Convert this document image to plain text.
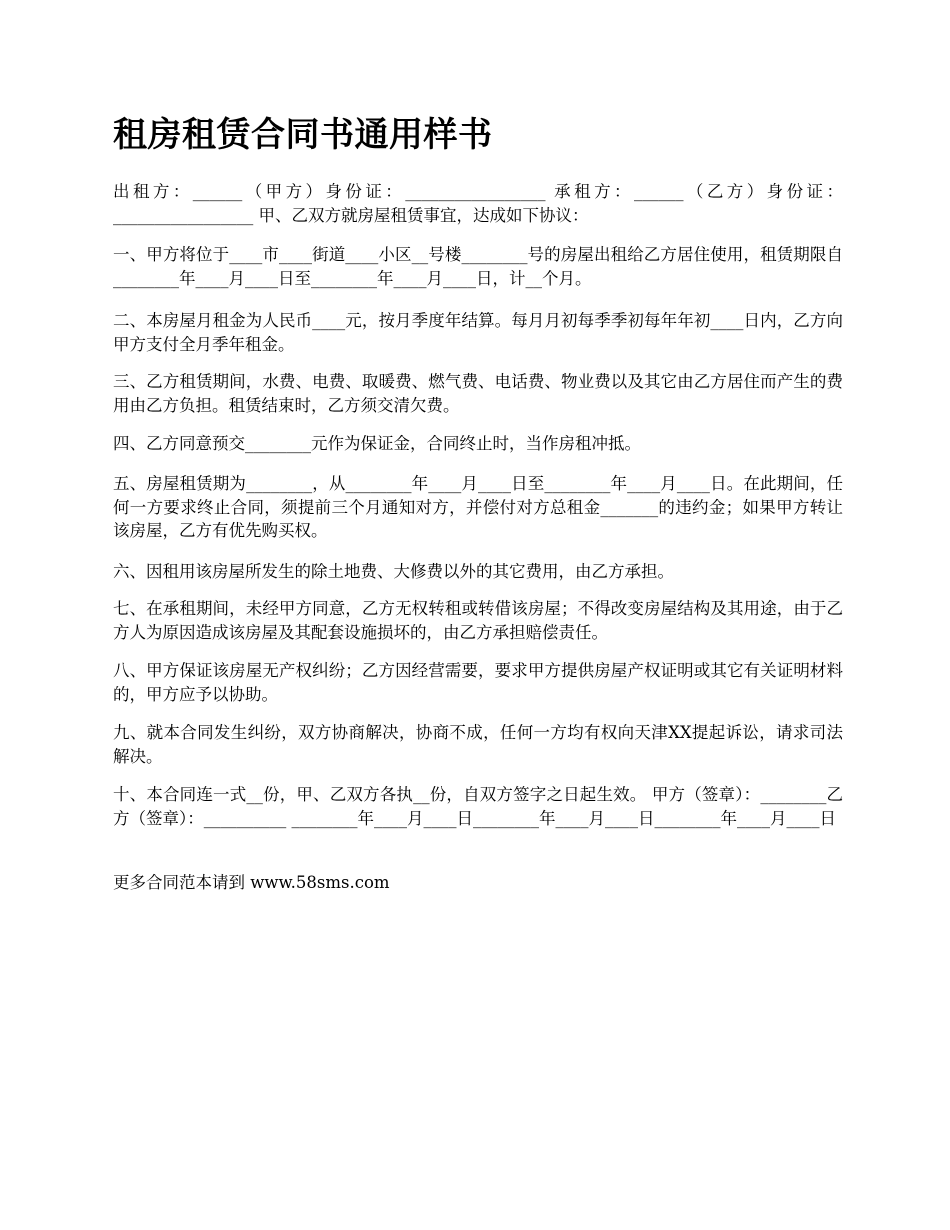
租房租赁合同书通用样书

出租方：______（甲方）身份证：_________________ 承租方：______（乙方）身份证：_________________ 甲、乙双方就房屋租赁事宜，达成如下协议：

一、甲方将位于____市____街道____小区__号楼________号的房屋出租给乙方居住使用，租赁期限自________年____月____日至________年____月____日，计__个月。

二、本房屋月租金为人民币____元，按月季度年结算。每月月初每季季初每年年初____日内，乙方向甲方支付全月季年租金。

三、乙方租赁期间，水费、电费、取暖费、燃气费、电话费、物业费以及其它由乙方居住而产生的费用由乙方负担。租赁结束时，乙方须交清欠费。

四、乙方同意预交________元作为保证金，合同终止时，当作房租冲抵。

五、房屋租赁期为________，从________年____月____日至________年____月____日。在此期间，任何一方要求终止合同，须提前三个月通知对方，并偿付对方总租金_______的违约金；如果甲方转让该房屋，乙方有优先购买权。

六、因租用该房屋所发生的除土地费、大修费以外的其它费用，由乙方承担。

七、在承租期间，未经甲方同意，乙方无权转租或转借该房屋；不得改变房屋结构及其用途，由于乙方人为原因造成该房屋及其配套设施损坏的，由乙方承担赔偿责任。

八、甲方保证该房屋无产权纠纷；乙方因经营需要，要求甲方提供房屋产权证明或其它有关证明材料的，甲方应予以协助。

九、就本合同发生纠纷，双方协商解决，协商不成，任何一方均有权向天津XX提起诉讼，请求司法解决。

十、本合同连一式__份，甲、乙双方各执__份，自双方签字之日起生效。 甲方（签章）：________乙方（签章）：__________ ________年____月____日________年____月____日________年____月____日

更多合同范本请到 www.58sms.com
